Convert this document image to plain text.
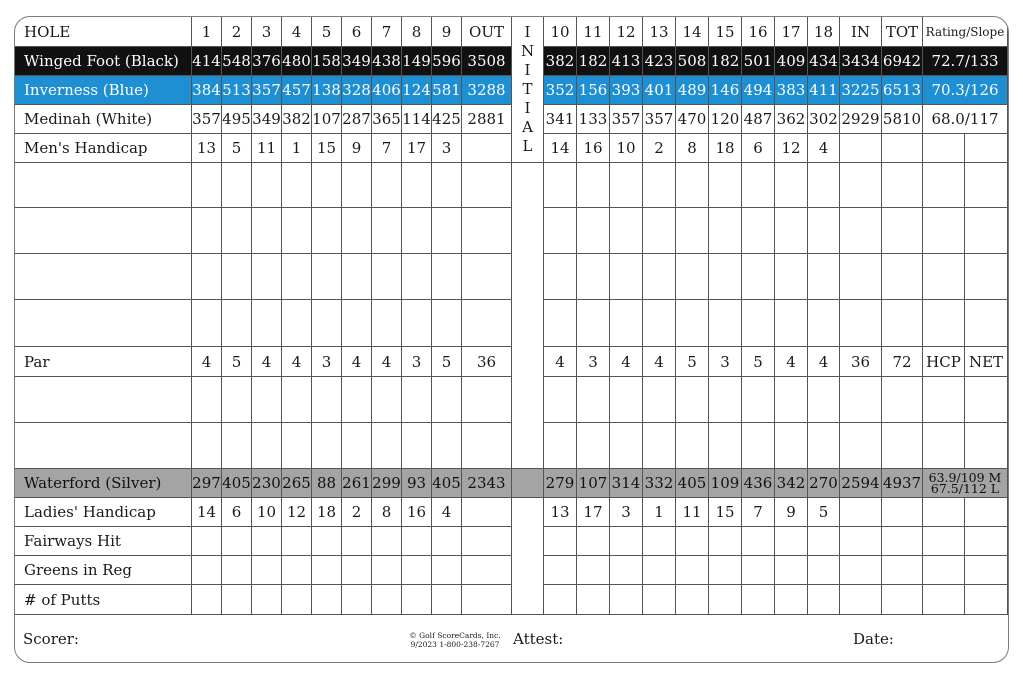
HOLE	1	2	3	4	5	6	7	8	9	OUT	10 11 12 13 14 15 16 17 18	IN	TOT Rating/Slope
Winged Foot (Black) 414 548 376 480 158 349 438 149 596 3508	382 182 413 423 508 182 501 409 434 3434 6942 72.7/133
Inverness (Blue)	384 513 357 457 138 328 406 124 581 3288	352 156 393 401 489 146 494 383 411 3225 6513 70.3/126
Medinah (White)	357 495 349 382 107 287 365 114 425 2881	341 133 357 357 470 120 487 362 302 2929 5810 68.0/117
Men's Handicap	13	5	11	1	15	9	7	17	3	14 16 10	2	8	18	6	12	4
Par	4	5	4	4	3	4	4	3	5	36	4	3	4	4	5	3	5	4	4	36	72 HCP NET
Waterford (Silver)	297 405 230 265 88 261 299 93 405 2343	279 107 314 332 405 109 436 342 270 2594 4937 63.9/109 M
67.5/112 L
Ladies' Handicap	14	6	10 12 18	2	8	16	4	13 17	3	1	11 15	7	9	5
Fairways Hit
Greens in Reg
# of Putts
I
N
I
T
I
A
L
Scorer:	© Golf ScoreCards, Inc.
9/2023 1-800-238-7267 Attest:	Date:
